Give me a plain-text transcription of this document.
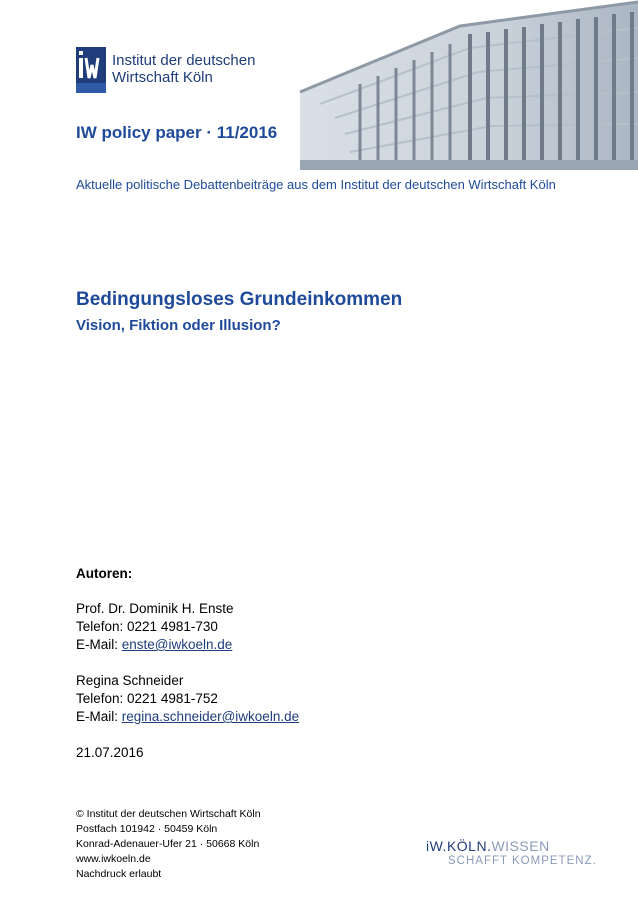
Institut der deutschen
Wirtschaft Köln
IW policy paper · 11/2016
Aktuelle politische Debattenbeiträge aus dem Institut der deutschen Wirtschaft Köln
Bedingungsloses Grundeinkommen
Vision, Fiktion oder Illusion?
Autoren:
Prof. Dr. Dominik H. Enste
Telefon: 0221 4981-730
E-Mail: enste@iwkoeln.de
Regina Schneider
Telefon: 0221 4981-752
E-Mail: regina.schneider@iwkoeln.de
21.07.2016
© Institut der deutschen Wirtschaft Köln
Postfach 101942 · 50459 Köln
Konrad-Adenauer-Ufer 21 · 50668 Köln
www.iwkoeln.de
Nachdruck erlaubt
iW.KÖLN.WISSEN
SCHAFFT KOMPETENZ.
